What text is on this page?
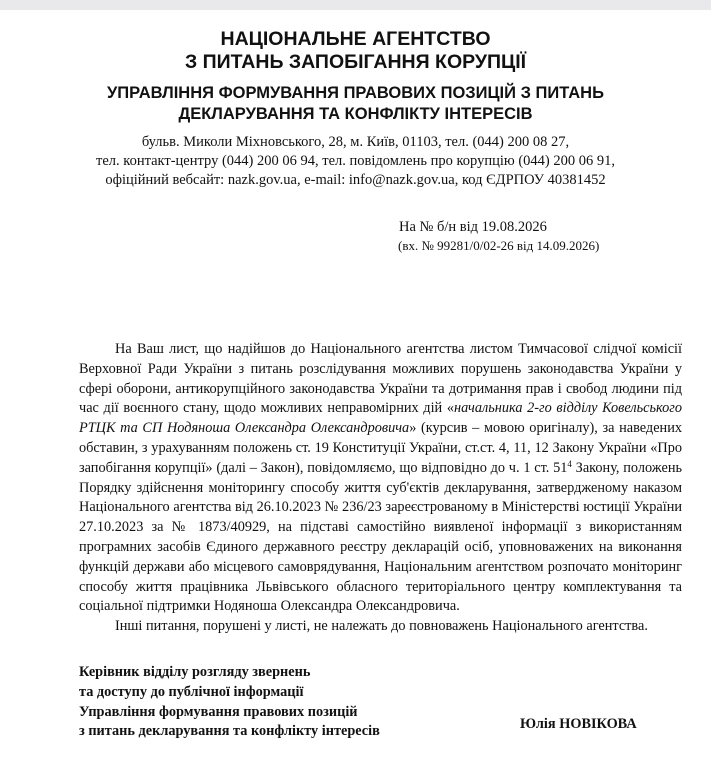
НАЦІОНАЛЬНЕ АГЕНТСТВО
З ПИТАНЬ ЗАПОБІГАННЯ КОРУПЦІЇ
УПРАВЛІННЯ ФОРМУВАННЯ ПРАВОВИХ ПОЗИЦІЙ З ПИТАНЬ
ДЕКЛАРУВАННЯ ТА КОНФЛІКТУ ІНТЕРЕСІВ
бульв. Миколи Міхновського, 28, м. Київ, 01103, тел. (044) 200 08 27,
тел. контакт-центру (044) 200 06 94, тел. повідомлень про корупцію (044) 200 06 91,
офіційний вебсайт: nazk.gov.ua, e-mail: info@nazk.gov.ua, код ЄДРПОУ 40381452
На № б/н від 19.08.2026
(вх. № 99281/0/02-26 від 14.09.2026)

На Ваш лист, що надійшов до Національного агентства листом Тимчасової слідчої комісії Верховної Ради України з питань розслідування можливих порушень законодавства України у сфері оборони, антикорупційного законодавства України та дотримання прав і свобод людини під час дії воєнного стану, щодо можливих неправомірних дій «начальника 2-го відділу Ковельського РТЦК та СП Нодяноша Олександра Олександровича» (курсив – мовою оригіналу), за наведених обставин, з урахуванням положень ст. 19 Конституції України, ст.ст. 4, 11, 12 Закону України «Про запобігання корупції» (далі – Закон), повідомляємо, що відповідно до ч. 1 ст. $51^4$ Закону, положень Порядку здійснення моніторингу способу життя суб'єктів декларування, затвердженому наказом Національного агентства від 26.10.2023 № 236/23 зареєстрованому в Міністерстві юстиції України 27.10.2023 за № 1873/40929, на підставі самостійно виявленої інформації з використанням програмних засобів Єдиного державного реєстру декларацій осіб, уповноважених на виконання функцій держави або місцевого самоврядування, Національним агентством розпочато моніторинг способу життя працівника Львівського обласного територіального центру комплектування та соціальної підтримки Нодяноша Олександра Олександровича.

Інші питання, порушені у листі, не належать до повноважень Національного агентства.

Керівник відділу розгляду звернень
та доступу до публічної інформації
Управління формування правових позицій
з питань декларування та конфлікту інтересів	Юлія НОВІКОВА
